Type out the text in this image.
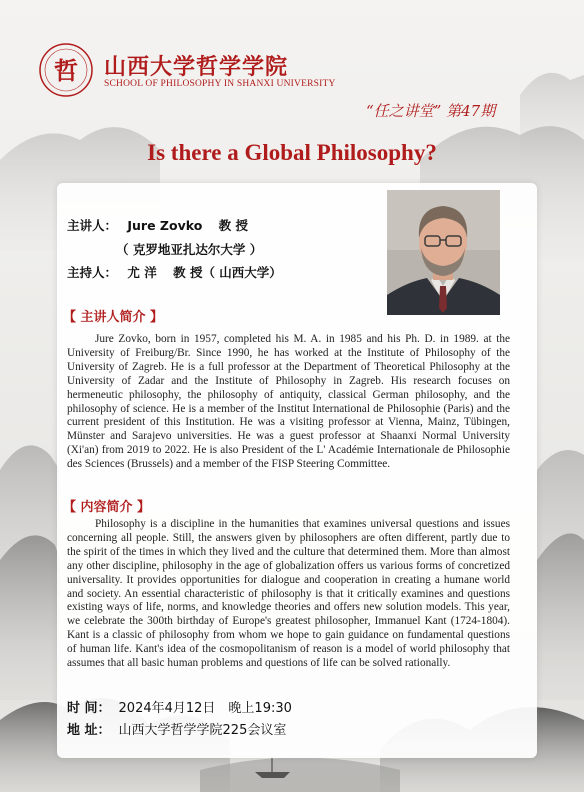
哲 山西大学哲学学院
SCHOOL OF PHILOSOPHY IN SHANXI UNIVERSITY
“任之讲堂” 第47期
Is there a Global Philosophy?
主讲人： Jure Zovko 教 授
（ 克罗地亚扎达尔大学 ）
主持人： 尤 洋 教 授（ 山西大学）
【 主讲人简介 】
Jure Zovko, born in 1957, completed his M. A. in 1985 and his Ph. D. in 1989. at the University of Freiburg/Br. Since 1990, he has worked at the Institute of Philosophy of the University of Zagreb. He is a full professor at the Department of Theoretical Philosophy at the University of Zadar and the Institute of Philosophy in Zagreb. His research focuses on hermeneutic philosophy, the philosophy of antiquity, classical German philosophy, and the philosophy of science. He is a member of the Institut International de Philosophie (Paris) and the current president of this Institution. He was a visiting professor at Vienna, Mainz, Tübingen, Münster and Sarajevo universities. He was a guest professor at Shaanxi Normal University (Xi'an) from 2019 to 2022. He is also President of the L' Académie Internationale de Philosophie des Sciences (Brussels) and a member of the FISP Steering Committee.
【 内容简介 】
Philosophy is a discipline in the humanities that examines universal questions and issues concerning all people. Still, the answers given by philosophers are often different, partly due to the spirit of the times in which they lived and the culture that determined them. More than almost any other discipline, philosophy in the age of globalization offers us various forms of concretized universality. It provides opportunities for dialogue and cooperation in creating a humane world and society. An essential characteristic of philosophy is that it critically examines and questions existing ways of life, norms, and knowledge theories and offers new solution models. This year, we celebrate the 300th birthday of Europe's greatest philosopher, Immanuel Kant (1724-1804). Kant is a classic of philosophy from whom we hope to gain guidance on fundamental questions of human life. Kant's idea of the cosmopolitanism of reason is a model of world philosophy that assumes that all basic human problems and questions of life can be solved rationally.
时 间： 2024年4月12日　晚上19:30
地 址： 山西大学哲学学院225会议室
